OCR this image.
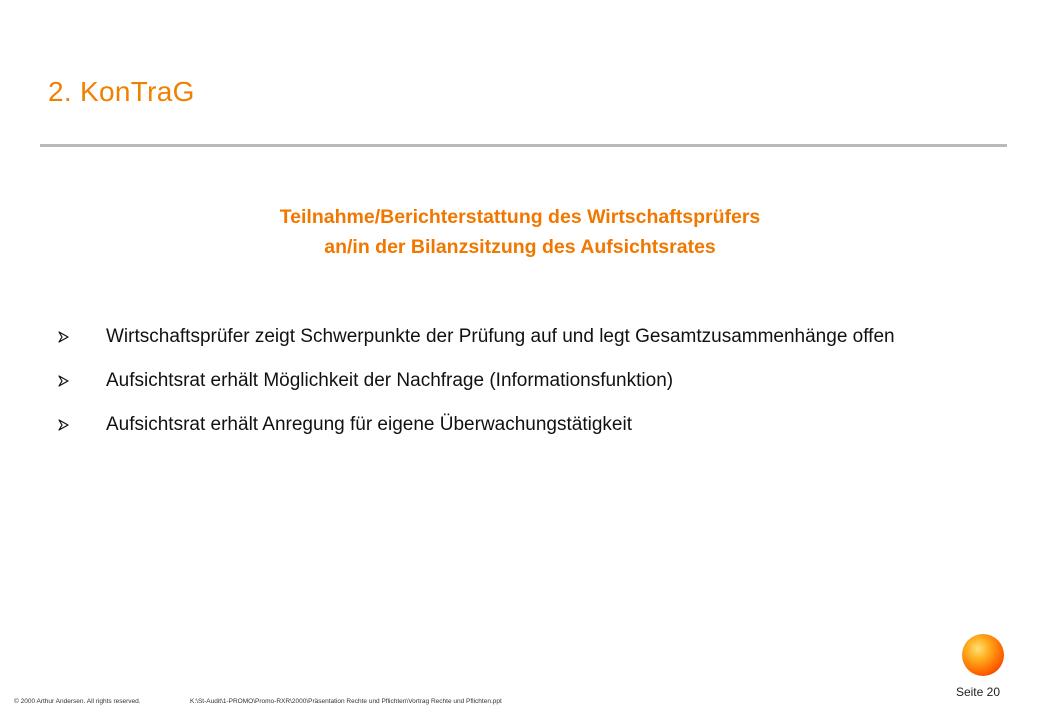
2. KonTraG
Teilnahme/Berichterstattung des Wirtschaftsprüfers
an/in der Bilanzsitzung des Aufsichtsrates
Wirtschaftsprüfer zeigt Schwerpunkte der Prüfung auf und legt Gesamtzusammenhänge offen
Aufsichtsrat erhält Möglichkeit der Nachfrage (Informationsfunktion)
Aufsichtsrat erhält Anregung für eigene Überwachungstätigkeit
© 2000 Arthur Andersen. All rights reserved.	K:\St-Audit\1-PROMO\Promo-RXR\2000\Präsentation Rechte und Pflichten\Vortrag Rechte und Pflichten.ppt
Seite 20
